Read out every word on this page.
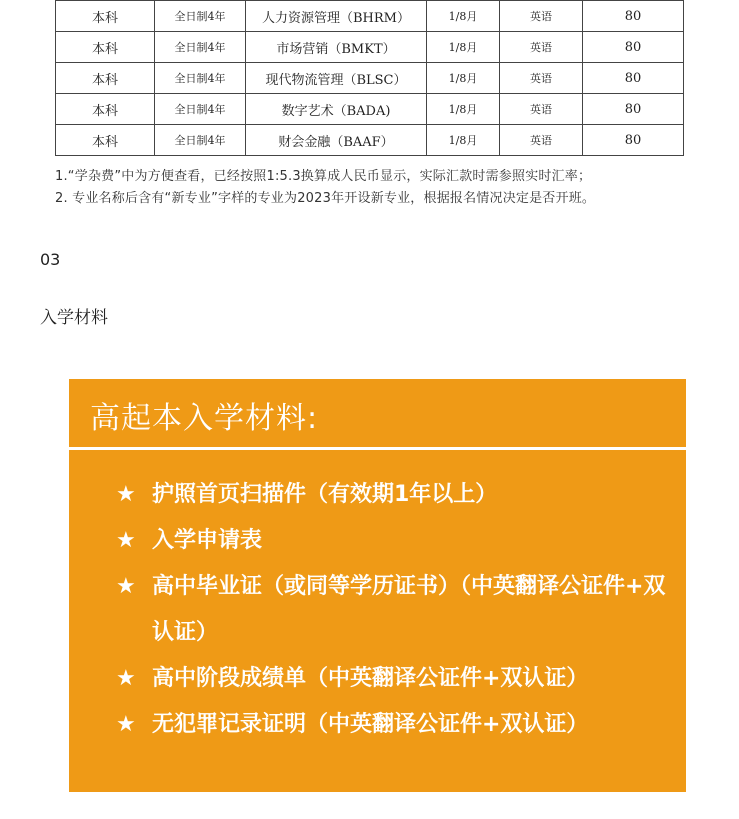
本科	全日制4年	人力资源管理（BHRM）	1/8月	英语	80
本科	全日制4年	市场营销（BMKT）	1/8月	英语	80
本科	全日制4年	现代物流管理（BLSC）	1/8月	英语	80
本科	全日制4年	数字艺术（BADA)	1/8月	英语	80
本科	全日制4年	财会金融（BAAF）	1/8月	英语	80
1.“学杂费”中为方便查看，已经按照1:5.3换算成人民币显示，实际汇款时需参照实时汇率；
2. 专业名称后含有“新专业”字样的专业为2023年开设新专业，根据报名情况决定是否开班。
03
入学材料
高起本入学材料:
★ 护照首页扫描件（有效期1年以上）
★ 入学申请表
★ 高中毕业证（或同等学历证书）（中英翻译公证件+双认证）
★ 高中阶段成绩单（中英翻译公证件+双认证）
★ 无犯罪记录证明（中英翻译公证件+双认证）
